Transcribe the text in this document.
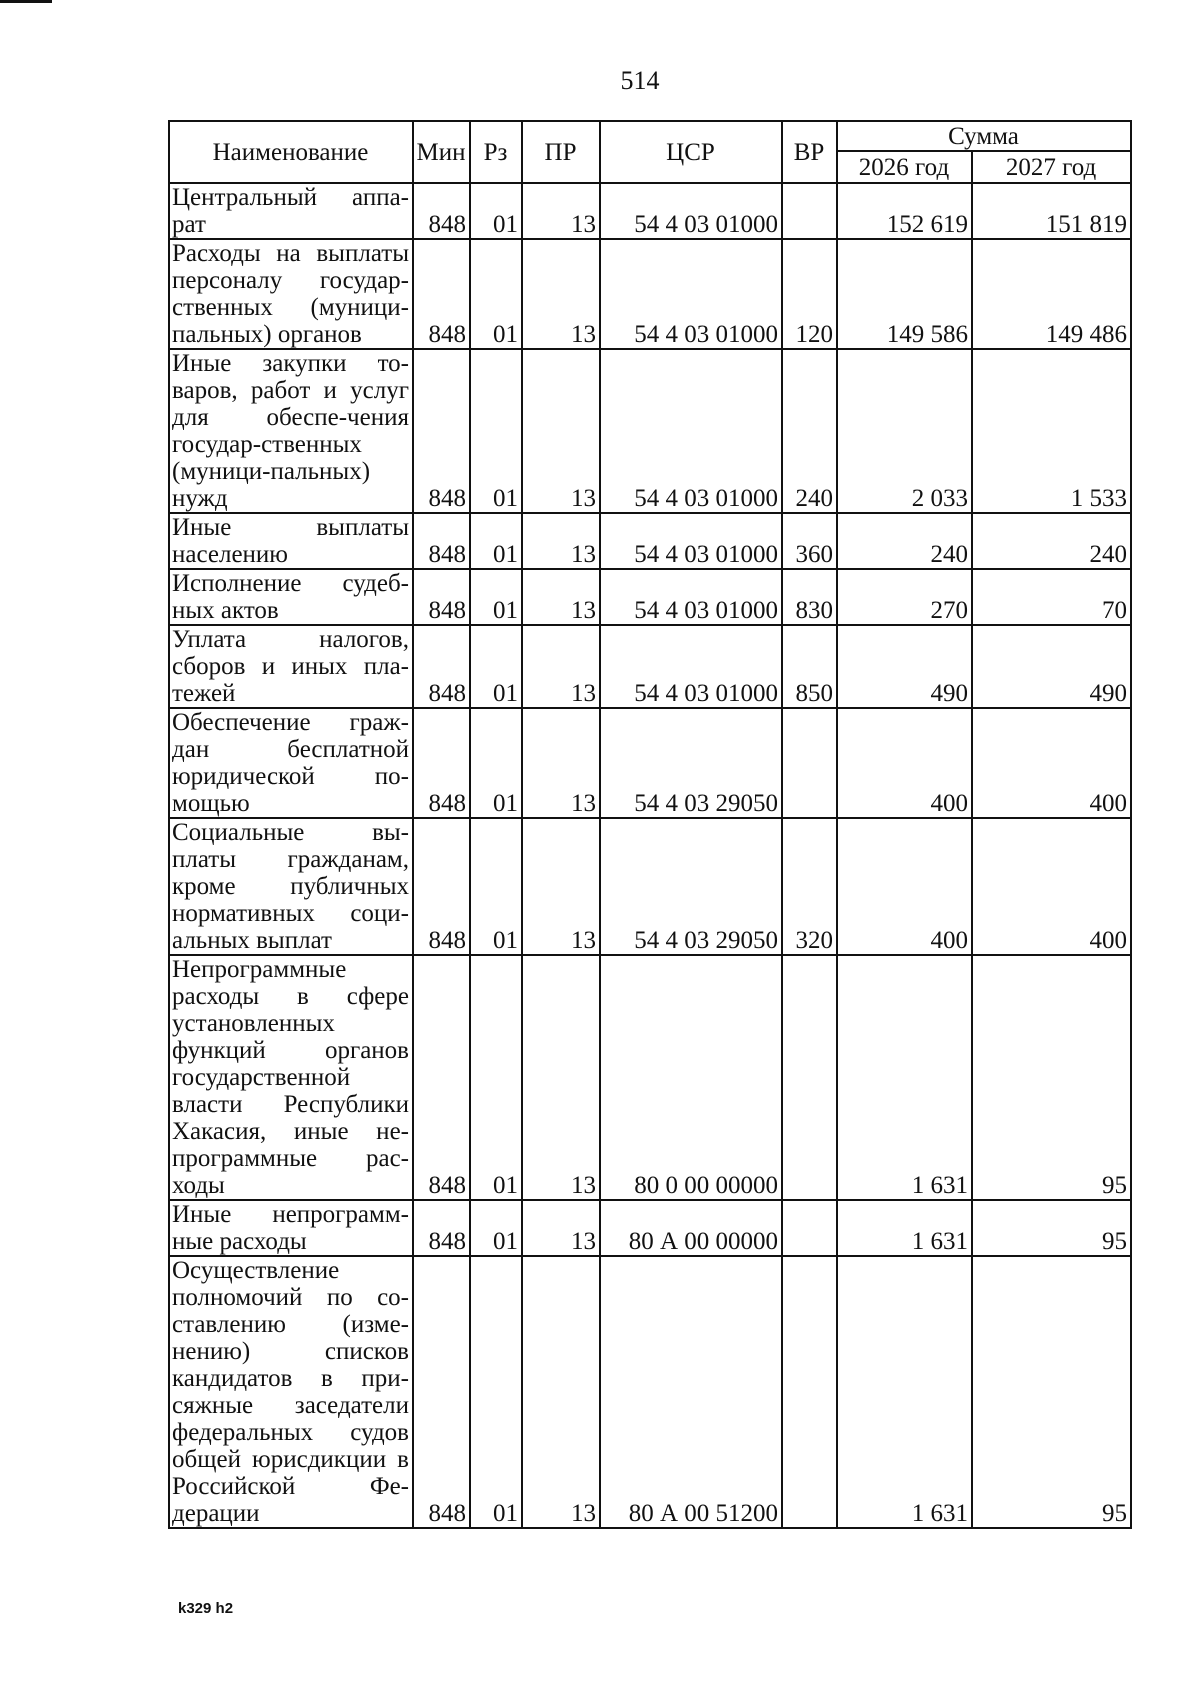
514
Наименование	Мин	Рз	ПР	ЦСР	ВР	Сумма	
						2026 год	2027 год
Центральный аппа-рат	848	01	13	54 4 03 01000		152 619	151 819
Расходы на выплаты персоналу государ-ственных (муници-пальных) органов	848	01	13	54 4 03 01000	120	149 586	149 486
Иные закупки то-варов, работ и услуг для обеспе-чения государ-ственных (муници-пальных) нужд	848	01	13	54 4 03 01000	240	2 033	1 533
Иные выплаты населению	848	01	13	54 4 03 01000	360	240	240
Исполнение судеб-ных актов	848	01	13	54 4 03 01000	830	270	70
Уплата налогов, сборов и иных пла-тежей	848	01	13	54 4 03 01000	850	490	490
Обеспечение граж-дан бесплатной юридической по-мощью	848	01	13	54 4 03 29050		400	400
Социальные вы-платы гражданам, кроме публичных нормативных соци-альных выплат	848	01	13	54 4 03 29050	320	400	400
Непрограммные расходы в сфере установленных функций органов государственной власти Республики Хакасия, иные не-программные рас-ходы	848	01	13	80 0 00 00000		1 631	95
Иные непрограмм-ные расходы	848	01	13	80 А 00 00000		1 631	95
Осуществление полномочий по со-ставлению (изме-нению) списков кандидатов в при-сяжные заседатели федеральных судов общей юрисдикции в Российской Фе-дерации	848	01	13	80 А 00 51200		1 631	95
k329 h2
